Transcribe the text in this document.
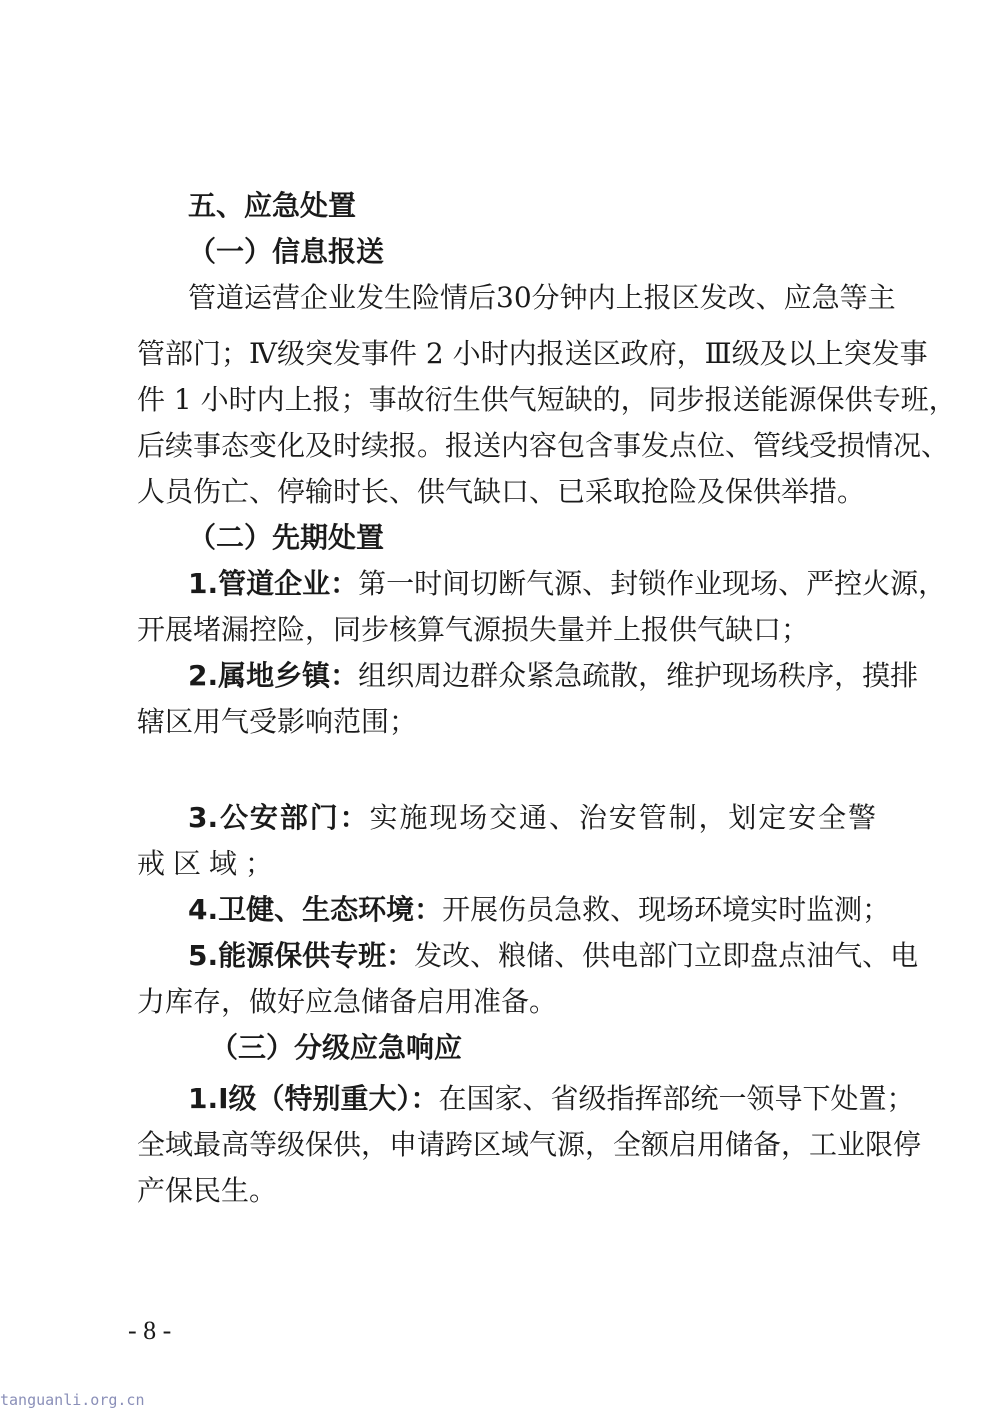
五、应急处置
（一）信息报送
管道运营企业发生险情后30分钟内上报区发改、应急等主
管部门；Ⅳ级突发事件 2 小时内报送区政府，Ⅲ级及以上突发事
件 1 小时内上报；事故衍生供气短缺的，同步报送能源保供专班，
后续事态变化及时续报。报送内容包含事发点位、管线受损情况、
人员伤亡、停输时长、供气缺口、已采取抢险及保供举措。
（二）先期处置
1.管道企业：第一时间切断气源、封锁作业现场、严控火源，
开展堵漏控险，同步核算气源损失量并上报供气缺口；
2.属地乡镇：组织周边群众紧急疏散，维护现场秩序，摸排
辖区用气受影响范围；
3.公安部门：实施现场交通、治安管制，划定安全警
戒区域；
4.卫健、生态环境：开展伤员急救、现场环境实时监测；
5.能源保供专班：发改、粮储、供电部门立即盘点油气、电
力库存，做好应急储备启用准备。
（三）分级应急响应
1.Ⅰ级（特别重大）：在国家、省级指挥部统一领导下处置；
全域最高等级保供，申请跨区域气源，全额启用储备，工业限停
产保民生。
- 8 -
tanguanli.org.cn
